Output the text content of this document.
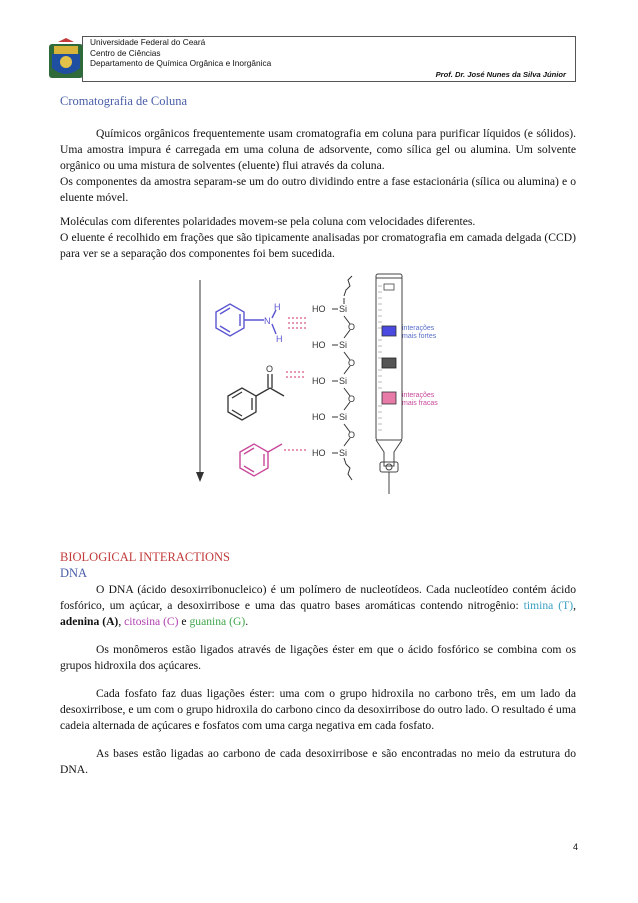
Universidade Federal do Ceará
Centro de Ciências
Departamento de Química Orgânica e Inorgânica
Prof. Dr. José Nunes da Silva Júnior
Cromatografia de Coluna
Químicos orgânicos frequentemente usam cromatografia em coluna para purificar líquidos (e sólidos). Uma amostra impura é carregada em uma coluna de adsorvente, como sílica gel ou alumina. Um solvente orgânico ou uma mistura de solventes (eluente) flui através da coluna.
Os componentes da amostra separam-se um do outro dividindo entre a fase estacionária (sílica ou alumina) e o eluente móvel.
Moléculas com diferentes polaridades movem-se pela coluna com velocidades diferentes.
O eluente é recolhido em frações que são tipicamente analisadas por cromatografia em camada delgada (CCD) para ver se a separação dos componentes foi bem sucedida.
N
H
H
O
HO Si
O
HO Si
O
HO Si
O
HO Si
O
HO Si
interações
mais fortes
interações
mais fracas
BIOLOGICAL INTERACTIONS
DNA
O DNA (ácido desoxirribonucleico) é um polímero de nucleotídeos. Cada nucleotídeo contém ácido fosfórico, um açúcar, a desoxirribose e uma das quatro bases aromáticas contendo nitrogênio: timina (T), adenina (A), citosina (C) e guanina (G).
Os monômeros estão ligados através de ligações éster em que o ácido fosfórico se combina com os grupos hidroxila dos açúcares.
Cada fosfato faz duas ligações éster: uma com o grupo hidroxila no carbono três, em um lado da desoxirribose, e um com o grupo hidroxila do carbono cinco da desoxirribose do outro lado. O resultado é uma cadeia alternada de açúcares e fosfatos com uma carga negativa em cada fosfato.
As bases estão ligadas ao carbono de cada desoxirribose e são encontradas no meio da estrutura do DNA.
4
